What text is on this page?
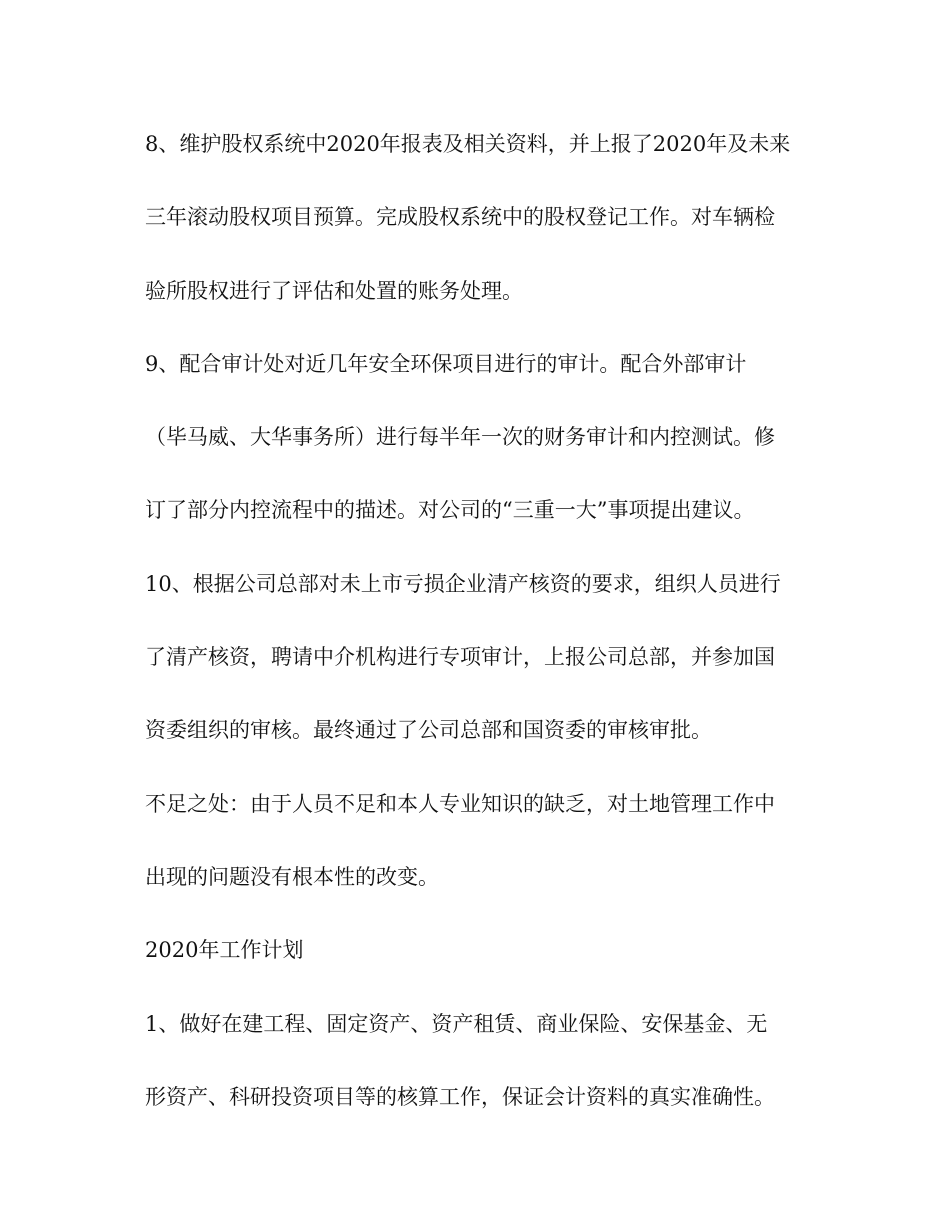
8、维护股权系统中2020年报表及相关资料，并上报了2020年及未来
三年滚动股权项目预算。完成股权系统中的股权登记工作。对车辆检
验所股权进行了评估和处置的账务处理。
9、配合审计处对近几年安全环保项目进行的审计。配合外部审计
（毕马威、大华事务所）进行每半年一次的财务审计和内控测试。修
订了部分内控流程中的描述。对公司的“三重一大”事项提出建议。
10、根据公司总部对未上市亏损企业清产核资的要求，组织人员进行
了清产核资，聘请中介机构进行专项审计，上报公司总部，并参加国
资委组织的审核。最终通过了公司总部和国资委的审核审批。
不足之处：由于人员不足和本人专业知识的缺乏，对土地管理工作中
出现的问题没有根本性的改变。
2020年工作计划
1、做好在建工程、固定资产、资产租赁、商业保险、安保基金、无
形资产、科研投资项目等的核算工作，保证会计资料的真实准确性。
